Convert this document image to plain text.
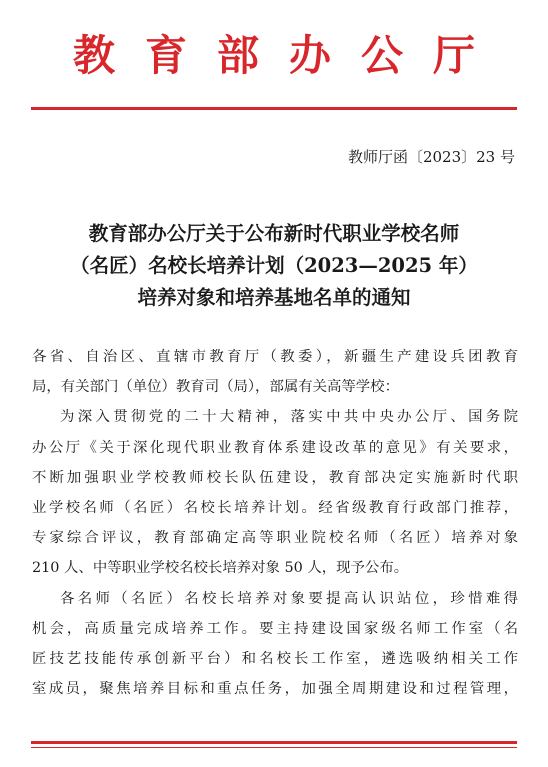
教育部办公厅
教师厅函〔2023〕23 号
教育部办公厅关于公布新时代职业学校名师
（名匠）名校长培养计划（2023—2025 年）
培养对象和培养基地名单的通知
各省、自治区、直辖市教育厅（教委），新疆生产建设兵团教育
局，有关部门（单位）教育司（局），部属有关高等学校：
为深入贯彻党的二十大精神，落实中共中央办公厅、国务院
办公厅《关于深化现代职业教育体系建设改革的意见》有关要求，
不断加强职业学校教师校长队伍建设，教育部决定实施新时代职
业学校名师（名匠）名校长培养计划。经省级教育行政部门推荐，
专家综合评议，教育部确定高等职业院校名师（名匠）培养对象
210 人、中等职业学校名校长培养对象 50 人，现予公布。
各名师（名匠）名校长培养对象要提高认识站位，珍惜难得
机会，高质量完成培养工作。要主持建设国家级名师工作室（名
匠技艺技能传承创新平台）和名校长工作室，遴选吸纳相关工作
室成员，聚焦培养目标和重点任务，加强全周期建设和过程管理，
